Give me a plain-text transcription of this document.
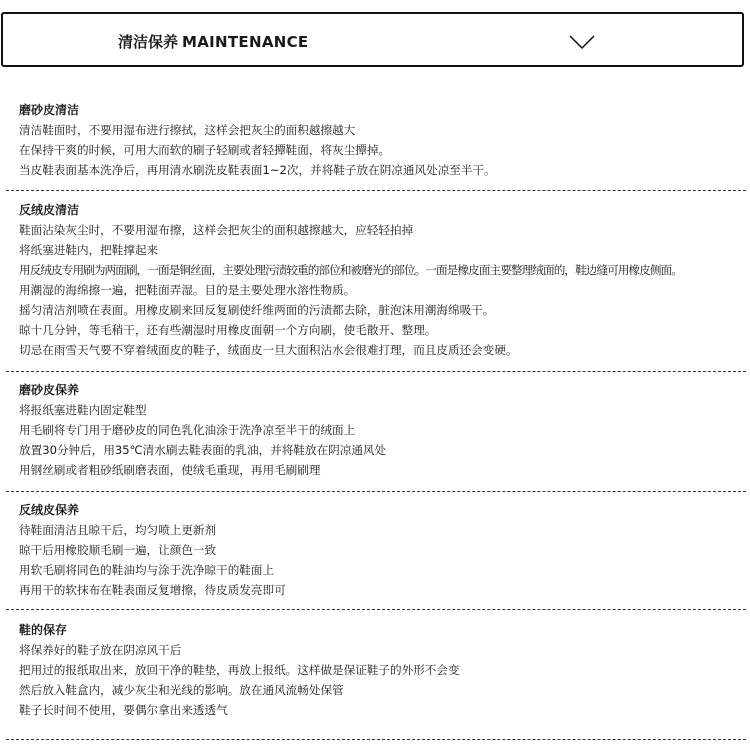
清洁保养 MAINTENANCE
磨砂皮清洁
清洁鞋面时，不要用湿布进行擦拭，这样会把灰尘的面积越擦越大
在保持干爽的时候，可用大而软的刷子轻刷或者轻撢鞋面，将灰尘撢掉。
当皮鞋表面基本洗净后，再用清水刷洗皮鞋表面1~2次，并将鞋子放在阴凉通风处凉至半干。
反绒皮清洁
鞋面沾染灰尘时，不要用湿布擦，这样会把灰尘的面积越擦越大，应轻轻拍掉
将纸塞进鞋内，把鞋撑起来
用反绒皮专用刷为两面刷，一面是铜丝面，主要处理污渍较重的部位和被磨光的部位。一面是橡皮面主要整理绒面的，鞋边缝可用橡皮侧面。
用潮湿的海绵擦一遍，把鞋面弄湿。目的是主要处理水溶性物质。
摇匀清洁剂喷在表面。用橡皮刷来回反复刷使纤维两面的污渍都去除，脏泡沫用潮海绵吸干。
晾十几分钟，等毛稍干，还有些潮湿时用橡皮面朝一个方向刷，使毛散开、整理。
切忌在雨雪天气要不穿着绒面皮的鞋子，绒面皮一旦大面积沾水会很难打理，而且皮质还会变硬。
磨砂皮保养
将报纸塞进鞋内固定鞋型
用毛刷将专门用于磨砂皮的同色乳化油涂于洗净凉至半干的绒面上
放置30分钟后，用35℃清水刷去鞋表面的乳油，并将鞋放在阴凉通风处
用钢丝刷或者粗砂纸刷磨表面，使绒毛重现，再用毛刷刷理
反绒皮保养
待鞋面清洁且晾干后，均匀喷上更新剂
晾干后用橡胶顺毛刷一遍，让颜色一致
用软毛刷将同色的鞋油均与涂于洗净晾干的鞋面上
再用干的软抹布在鞋表面反复增擦，待皮质发亮即可
鞋的保存
将保养好的鞋子放在阴凉风干后
把用过的报纸取出来，放回干净的鞋垫，再放上报纸。这样做是保证鞋子的外形不会变
然后放入鞋盒内，减少灰尘和光线的影响。放在通风流畅处保管
鞋子长时间不使用，要偶尔拿出来透透气
